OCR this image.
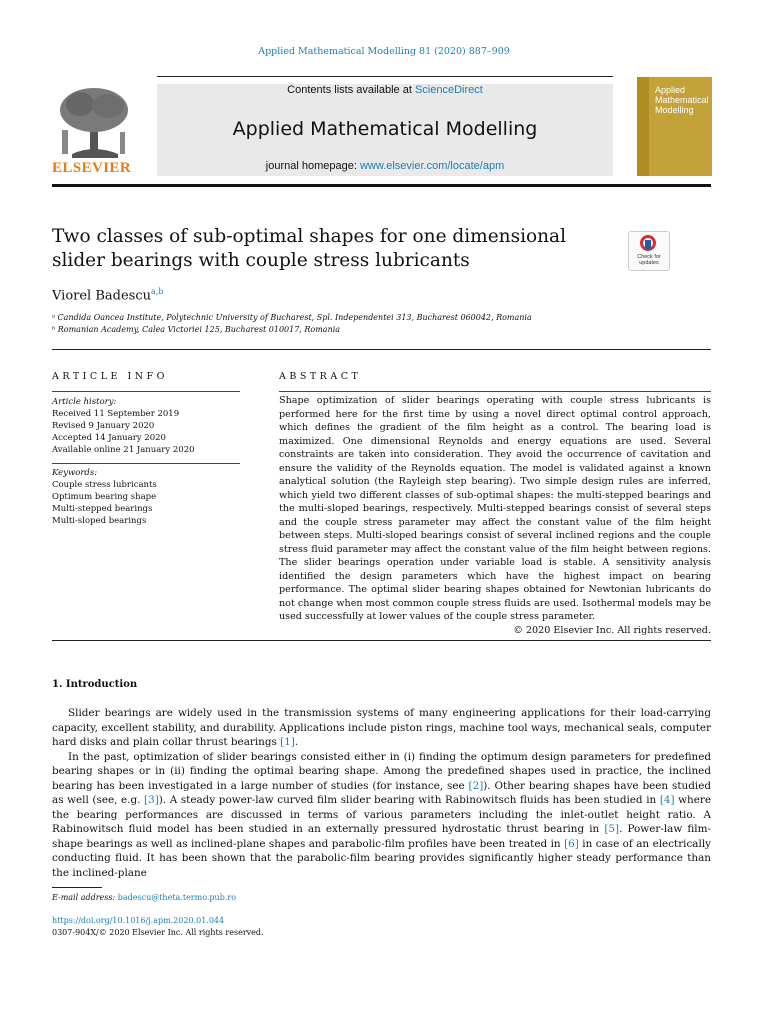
Applied Mathematical Modelling 81 (2020) 887–909
ELSEVIER
Contents lists available at ScienceDirect
Applied Mathematical Modelling
journal homepage: www.elsevier.com/locate/apm
Applied Mathematical Modelling
Two classes of sub-optimal shapes for one dimensional slider bearings with couple stress lubricants	Check for
updates
Viorel Badescu$^{a,b}$
ᵃ Candida Oancea Institute, Polytechnic University of Bucharest, Spl. Independentei 313, Bucharest 060042, Romania
ᵇ Romanian Academy, Calea Victoriei 125, Bucharest 010017, Romania
ARTICLE INFO	ABSTRACT
Article history:
Received 11 September 2019
Revised 9 January 2020
Accepted 14 January 2020
Available online 21 January 2020
Keywords:
Couple stress lubricants
Optimum bearing shape
Multi-stepped bearings
Multi-sloped bearings
Shape optimization of slider bearings operating with couple stress lubricants is performed here for the first time by using a novel direct optimal control approach, which defines the gradient of the film height as a control. The bearing load is maximized. One dimensional Reynolds and energy equations are used. Several constraints are taken into consideration. They avoid the occurrence of cavitation and ensure the validity of the Reynolds equation. The model is validated against a known analytical solution (the Rayleigh step bearing). Two simple design rules are inferred, which yield two different classes of sub-optimal shapes: the multi-stepped bearings and the multi-sloped bearings, respectively. Multi-stepped bearings consist of several steps and the couple stress parameter may affect the constant value of the film height between steps. Multi-sloped bearings consist of several inclined regions and the couple stress fluid parameter may affect the constant value of the film height between regions. The slider bearings operation under variable load is stable. A sensitivity analysis identified the design parameters which have the highest impact on bearing performance. The optimal slider bearing shapes obtained for Newtonian lubricants do not change when most common couple stress fluids are used. Isothermal models may be used successfully at lower values of the couple stress parameter.
© 2020 Elsevier Inc. All rights reserved.
1. Introduction

Slider bearings are widely used in the transmission systems of many engineering applications for their load-carrying capacity, excellent stability, and durability. Applications include piston rings, machine tool ways, mechanical seals, computer hard disks and plain collar thrust bearings [1].

In the past, optimization of slider bearings consisted either in (i) finding the optimum design parameters for predefined bearing shapes or in (ii) finding the optimal bearing shape. Among the predefined shapes used in practice, the inclined bearing has been investigated in a large number of studies (for instance, see [2]). Other bearing shapes have been studied as well (see, e.g. [3]). A steady power-law curved film slider bearing with Rabinowitsch fluids has been studied in [4] where the bearing performances are discussed in terms of various parameters including the inlet-outlet height ratio. A Rabinowitsch fluid model has been studied in an externally pressured hydrostatic thrust bearing in [5]. Power-law film-shape bearings as well as inclined-plane shapes and parabolic-film profiles have been treated in [6] in case of an electrically conducting fluid. It has been shown that the parabolic-film bearing provides significantly higher steady performance than the inclined-plane

E-mail address: badescu@theta.termo.pub.ro
https://doi.org/10.1016/j.apm.2020.01.044
0307-904X/© 2020 Elsevier Inc. All rights reserved.
